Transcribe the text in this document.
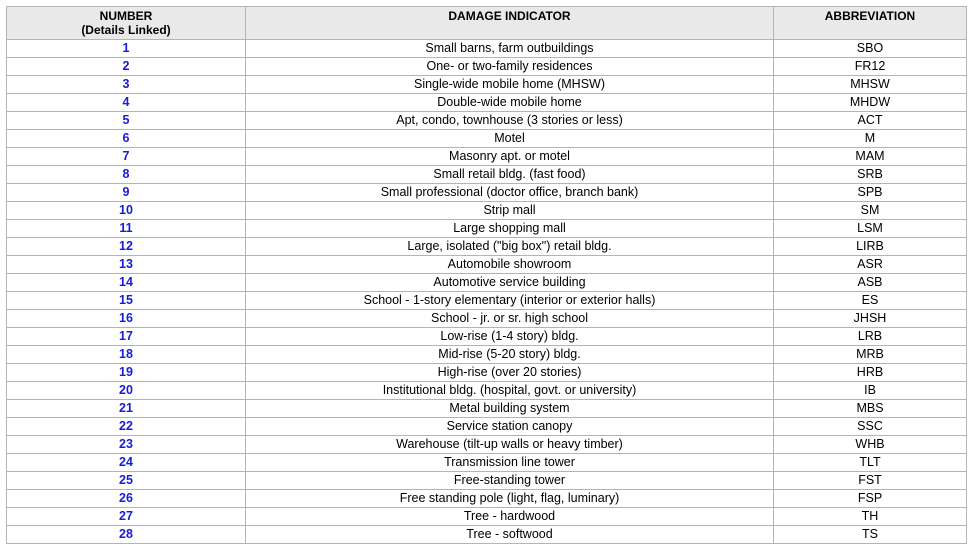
NUMBER
(Details Linked)	DAMAGE INDICATOR	ABBREVIATION

1	Small barns, farm outbuildings	SBO
2	One- or two-family residences	FR12
3	Single-wide mobile home (MHSW)	MHSW
4	Double-wide mobile home	MHDW
5	Apt, condo, townhouse (3 stories or less)	ACT
6	Motel	M
7	Masonry apt. or motel	MAM
8	Small retail bldg. (fast food)	SRB
9	Small professional (doctor office, branch bank)	SPB
10	Strip mall	SM
11	Large shopping mall	LSM
12	Large, isolated ("big box") retail bldg.	LIRB
13	Automobile showroom	ASR
14	Automotive service building	ASB
15	School - 1-story elementary (interior or exterior halls)	ES
16	School - jr. or sr. high school	JHSH
17	Low-rise (1-4 story) bldg.	LRB
18	Mid-rise (5-20 story) bldg.	MRB
19	High-rise (over 20 stories)	HRB
20	Institutional bldg. (hospital, govt. or university)	IB
21	Metal building system	MBS
22	Service station canopy	SSC
23	Warehouse (tilt-up walls or heavy timber)	WHB
24	Transmission line tower	TLT
25	Free-standing tower	FST
26	Free standing pole (light, flag, luminary)	FSP
27	Tree - hardwood	TH
28	Tree - softwood	TS
